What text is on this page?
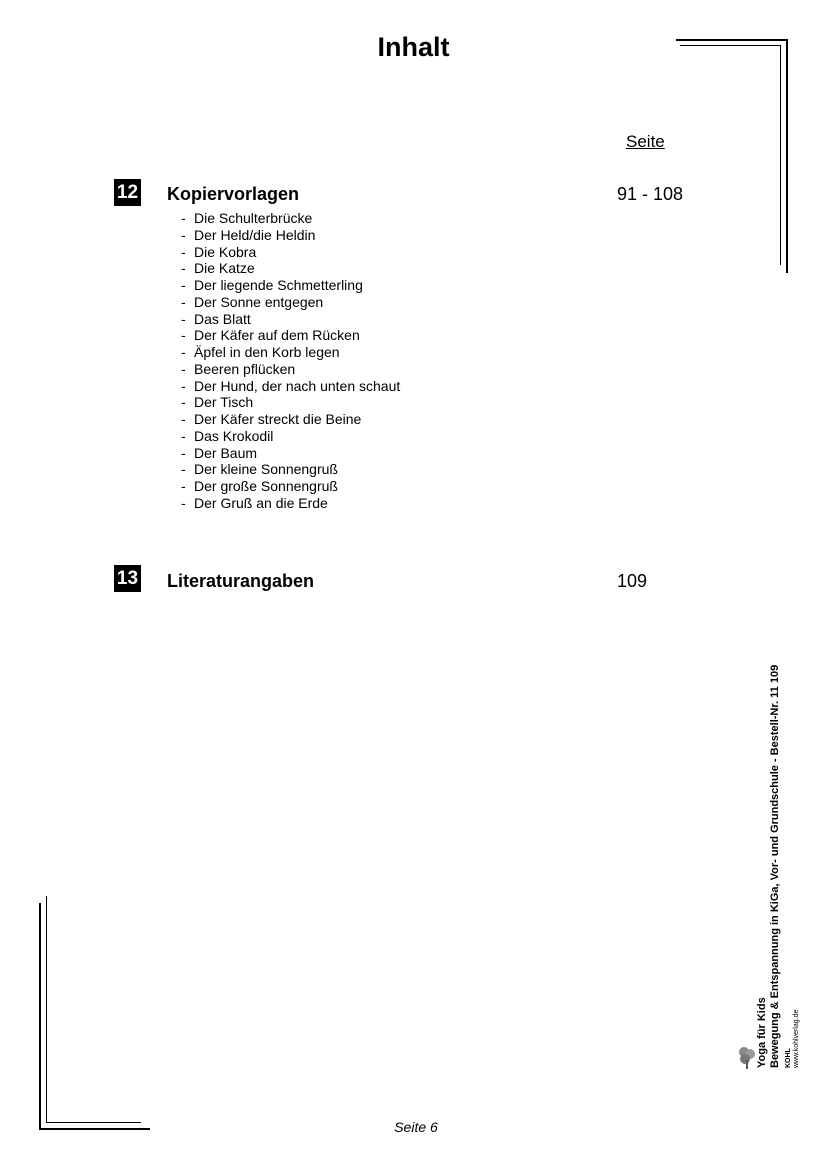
Inhalt
Seite
12 Kopiervorlagen	91 - 108
- Die Schulterbrücke
- Der Held/die Heldin
- Die Kobra
- Die Katze
- Der liegende Schmetterling
- Der Sonne entgegen
- Das Blatt
- Der Käfer auf dem Rücken
- Äpfel in den Korb legen
- Beeren pflücken
- Der Hund, der nach unten schaut
- Der Tisch
- Der Käfer streckt die Beine
- Das Krokodil
- Der Baum
- Der kleine Sonnengruß
- Der große Sonnengruß
- Der Gruß an die Erde
13 Literaturangaben	109
Yoga für Kids Bewegung & Entspannung in KiGa, Vor- und Grundschule - Bestell-Nr. 11 109 KOHL www.kohlverlag.de
Seite 6
